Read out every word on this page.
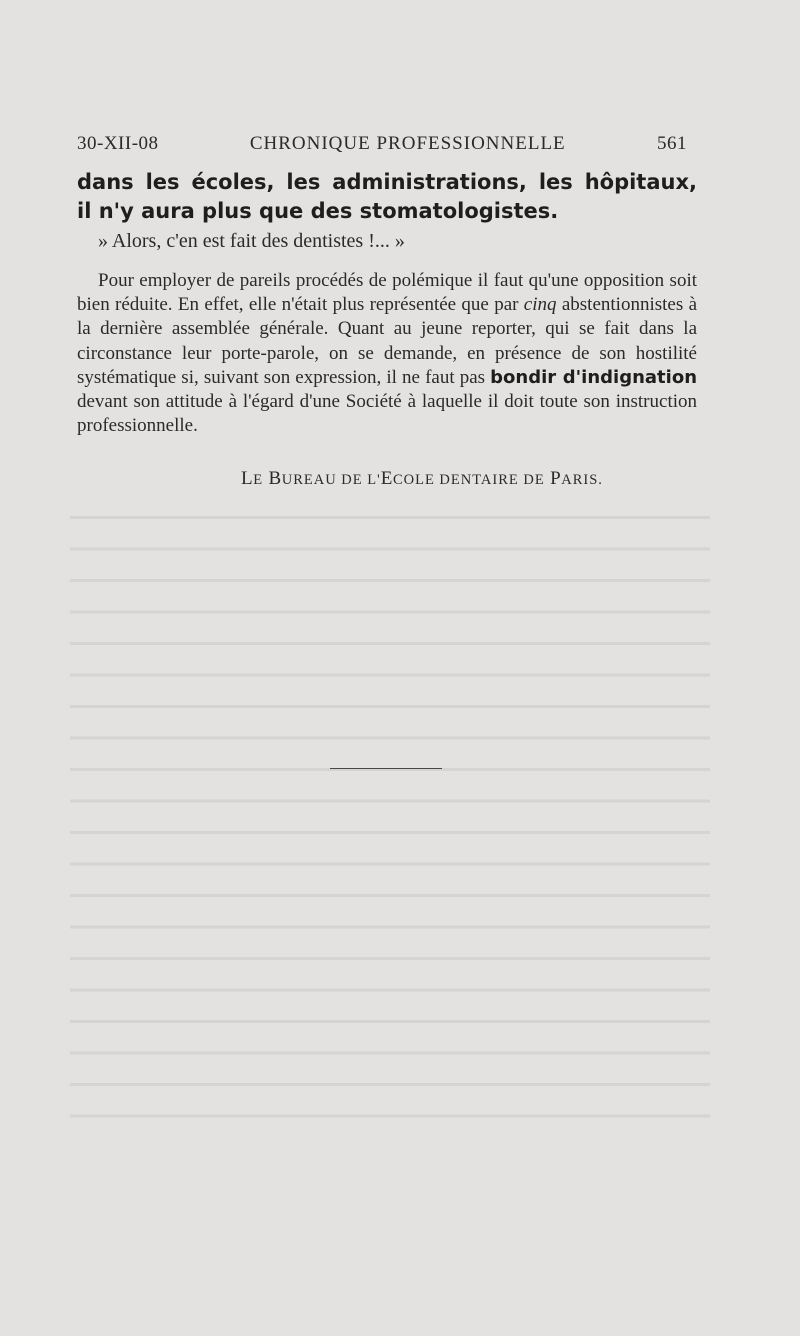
30-XII-08	CHRONIQUE PROFESSIONNELLE	561
dans les écoles, les administrations, les hôpitaux,
il n'y aura plus que des stomatologistes.
» Alors, c'en est fait des dentistes !... »

Pour employer de pareils procédés de polémique il faut qu'une opposition soit bien réduite. En effet, elle n'était plus représentée que par cinq abstentionnistes à la dernière assemblée générale. Quant au jeune reporter, qui se fait dans la circonstance leur porte-parole, on se demande, en présence de son hostilité systématique si, suivant son expression, il ne faut pas bondir d'indignation devant son attitude à l'égard d'une Société à laquelle il doit toute son instruction professionnelle.

LE BUREAU DE L'ECOLE DENTAIRE DE PARIS.
